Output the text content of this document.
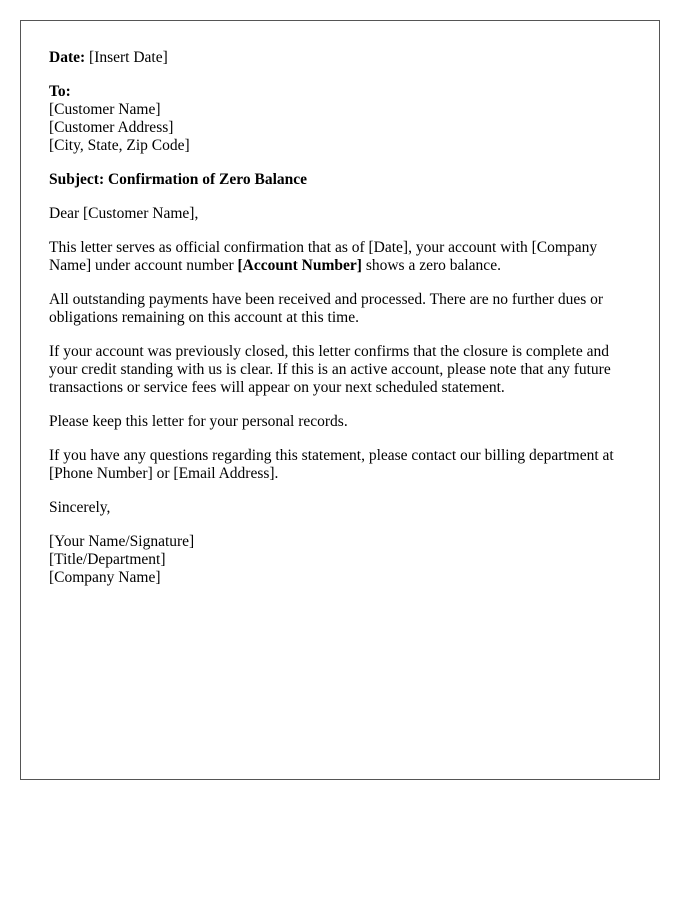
Date: [Insert Date]
To:
[Customer Name]
[Customer Address]
[City, State, Zip Code]

Subject: Confirmation of Zero Balance

Dear [Customer Name],

This letter serves as official confirmation that as of [Date], your account with [Company Name] under account number [Account Number] shows a zero balance.

All outstanding payments have been received and processed. There are no further dues or obligations remaining on this account at this time.

If your account was previously closed, this letter confirms that the closure is complete and your credit standing with us is clear. If this is an active account, please note that any future transactions or service fees will appear on your next scheduled statement.

Please keep this letter for your personal records.

If you have any questions regarding this statement, please contact our billing department at [Phone Number] or [Email Address].

Sincerely,

[Your Name/Signature]
[Title/Department]
[Company Name]
